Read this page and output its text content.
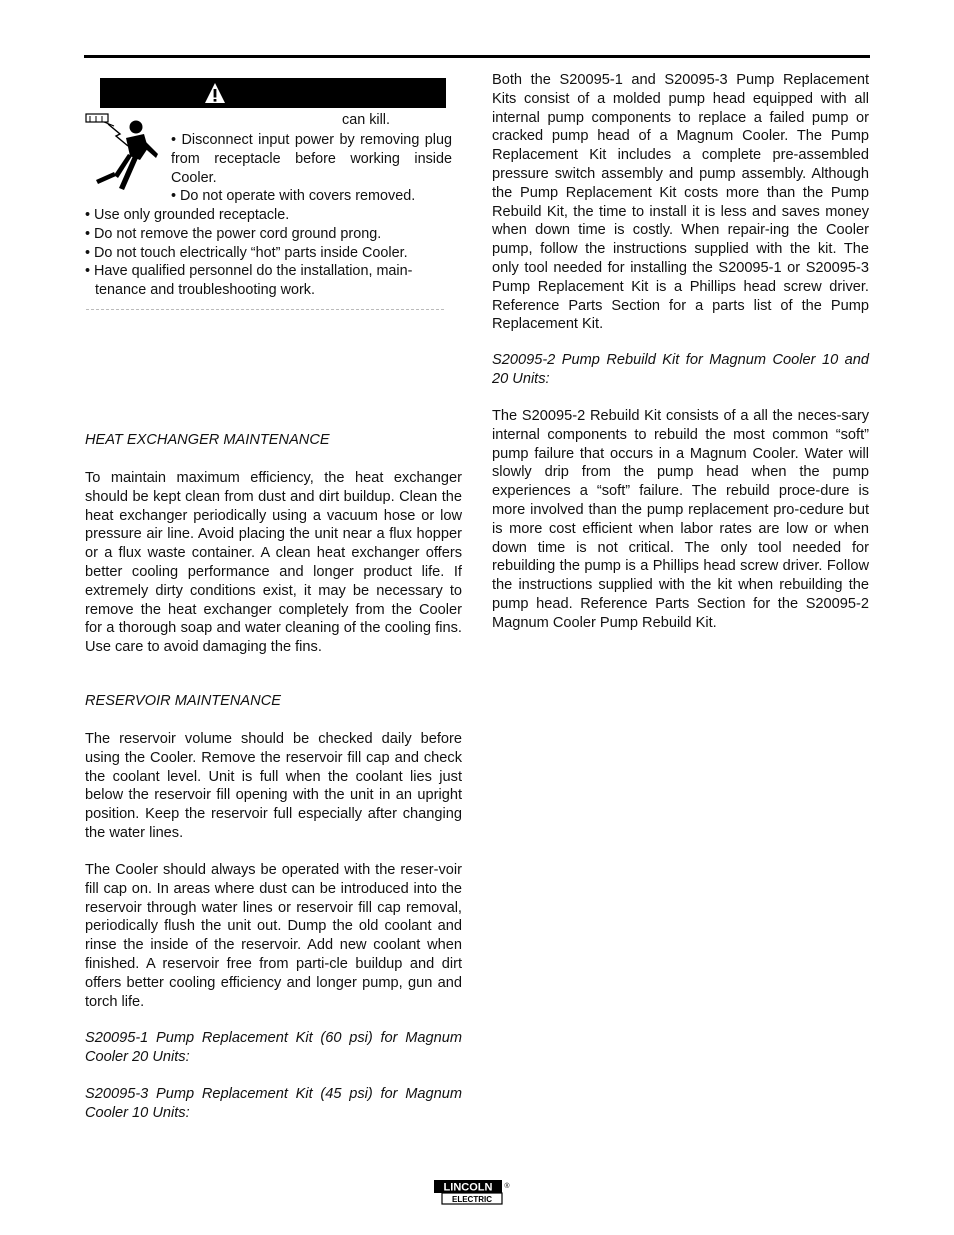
can kill.
• Disconnect input power by removing plug from receptacle before working inside Cooler.
• Do not operate with covers removed.
• Use only grounded receptacle.
• Do not remove the power cord ground prong.
• Do not touch electrically “hot” parts inside Cooler.
• Have qualified personnel do the installation, main-
tenance and troubleshooting work.

HEAT EXCHANGER MAINTENANCE

To maintain maximum efficiency, the heat exchanger should be kept clean from dust and dirt buildup. Clean the heat exchanger periodically using a vacuum hose or low pressure air line. Avoid placing the unit near a flux hopper or a flux waste container. A clean heat exchanger offers better cooling performance and longer product life. If extremely dirty conditions exist, it may be necessary to remove the heat exchanger completely from the Cooler for a thorough soap and water cleaning of the cooling fins. Use care to avoid damaging the fins.

RESERVOIR MAINTENANCE

The reservoir volume should be checked daily before using the Cooler. Remove the reservoir fill cap and check the coolant level. Unit is full when the coolant lies just below the reservoir fill opening with the unit in an upright position. Keep the reservoir full especially after changing the water lines.

The Cooler should always be operated with the reser-voir fill cap on. In areas where dust can be introduced into the reservoir through water lines or reservoir fill cap removal, periodically flush the unit out. Dump the old coolant and rinse the inside of the reservoir. Add new coolant when finished. A reservoir free from parti-cle buildup and dirt offers better cooling efficiency and longer pump, gun and torch life.

S20095-1 Pump Replacement Kit (60 psi) for Magnum Cooler 20 Units:

S20095-3 Pump Replacement Kit (45 psi) for Magnum Cooler 10 Units:

Both the S20095-1 and S20095-3 Pump Replacement Kits consist of a molded pump head equipped with all internal pump components to replace a failed pump or cracked pump head of a Magnum Cooler. The Pump Replacement Kit includes a complete pre-assembled pressure switch assembly and pump assembly. Although the Pump Replacement Kit costs more than the Pump Rebuild Kit, the time to install it is less and saves money when down time is costly. When repair-ing the Cooler pump, follow the instructions supplied with the kit. The only tool needed for installing the S20095-1 or S20095-3 Pump Replacement Kit is a Phillips head screw driver. Reference Parts Section for a parts list of the Pump Replacement Kit.

S20095-2 Pump Rebuild Kit for Magnum Cooler 10 and 20 Units:

The S20095-2 Rebuild Kit consists of a all the neces-sary internal components to rebuild the most common “soft” pump failure that occurs in a Magnum Cooler. Water will slowly drip from the pump head when the pump experiences a “soft” failure. The rebuild proce-dure is more involved than the pump replacement pro-cedure but is more cost efficient when labor rates are low or when down time is not critical. The only tool needed for rebuilding the pump is a Phillips head screw driver. Follow the instructions supplied with the kit when rebuilding the pump head. Reference Parts Section for the S20095-2 Magnum Cooler Pump Rebuild Kit.

LINCOLN
ELECTRIC
®
